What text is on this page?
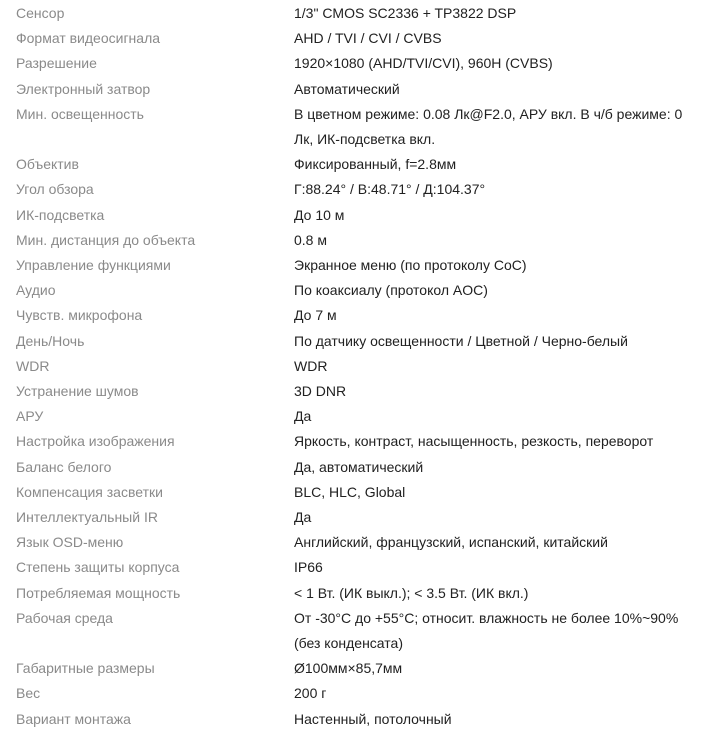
Сенсор	1/3" CMOS SC2336 + TP3822 DSP
Формат видеосигнала	AHD / TVI / CVI / CVBS
Разрешение	1920×1080 (AHD/TVI/CVI), 960H (CVBS)
Электронный затвор	Автоматический
Мин. освещенность	В цветном режиме: 0.08 Лк@F2.0, АРУ вкл. В ч/б режиме: 0 Лк, ИК-подсветка вкл.
Объектив	Фиксированный, f=2.8мм
Угол обзора	Г:88.24° / В:48.71° / Д:104.37°
ИК-подсветка	До 10 м
Мин. дистанция до объекта	0.8 м
Управление функциями	Экранное меню (по протоколу CoC)
Аудио	По коаксиалу (протокол AOC)
Чувств. микрофона	До 7 м
День/Ночь	По датчику освещенности / Цветной / Черно-белый
WDR	WDR
Устранение шумов	3D DNR
АРУ	Да
Настройка изображения	Яркость, контраст, насыщенность, резкость, переворот
Баланс белого	Да, автоматический
Компенсация засветки	BLC, HLC, Global
Интеллектуальный IR	Да
Язык OSD-меню	Английский, французский, испанский, китайский
Степень защиты корпуса	IP66
Потребляемая мощность	< 1 Вт. (ИК выкл.); < 3.5 Вт. (ИК вкл.)
Рабочая среда	От -30°C до +55°C; относит. влажность не более 10%~90% (без конденсата)
Габаритные размеры	Ø100мм×85,7мм
Вес	200 г
Вариант монтажа	Настенный, потолочный
